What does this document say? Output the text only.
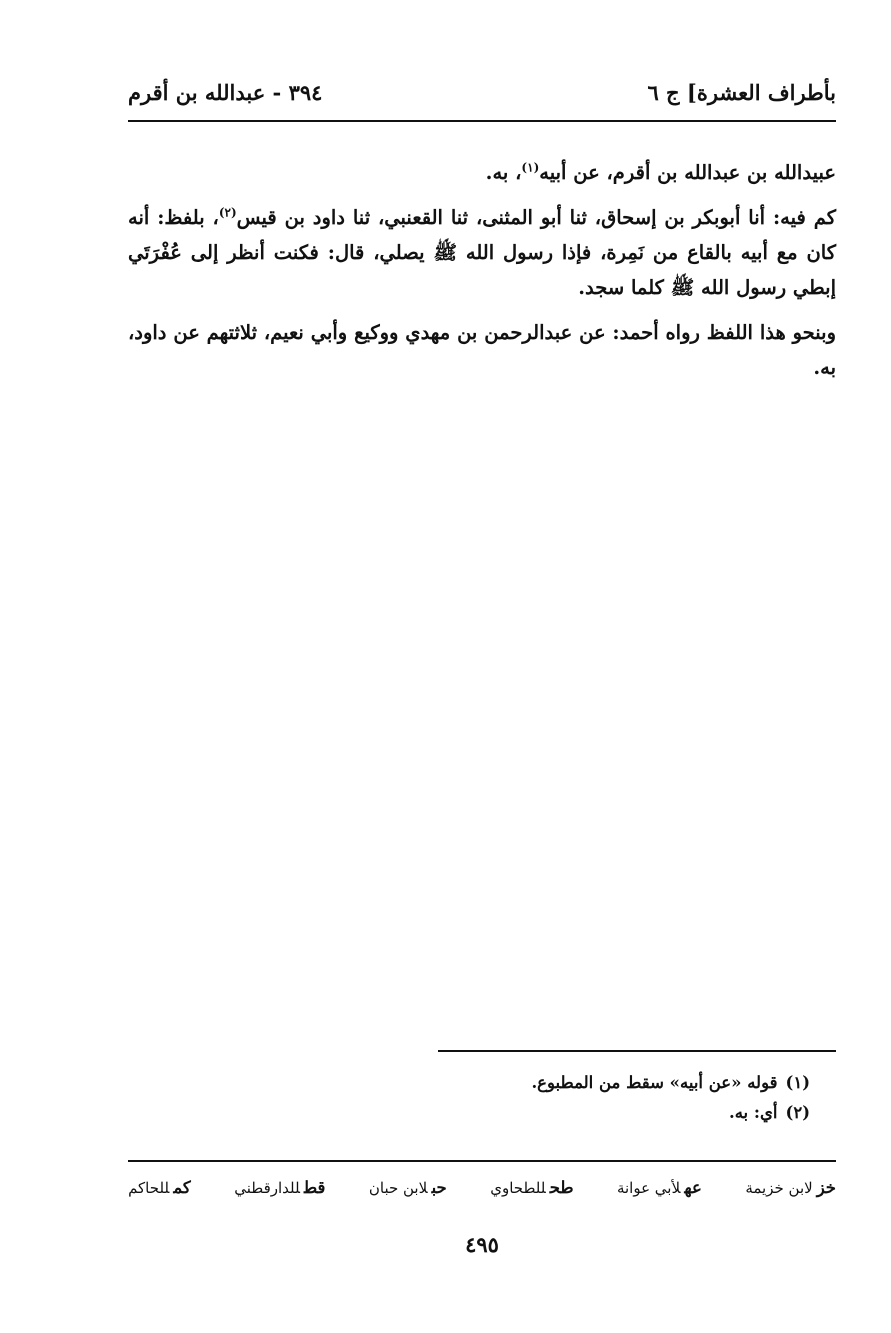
بأطراف العشرة] ج ٦
٣٩٤ - عبدالله بن أقرم

عبيدالله بن عبدالله بن أقرم، عن أبيه$^{(١)}$، به.

كم فيه: أنا أبوبكر بن إسحاق، ثنا أبو المثنى، ثنا القعنبي، ثنا داود بن قيس$^{(٢)}$، بلفظ: أنه كان مع أبيه بالقاع من نَمِرة، فإذا رسول الله ﷺ يصلي، قال: فكنت أنظر إلى عُفْرَتَي إبطي رسول الله ﷺ كلما سجد.

وبنحو هذا اللفظ رواه أحمد: عن عبدالرحمن بن مهدي ووكيع وأبي نعيم، ثلاثتهم عن داود، به.

(١)قوله «عن أبيه» سقط من المطبوع.
(٢)أي: به.
خزلابن خزيمة
عهلأبي عوانة
طحللطحاوي
حبلابن حبان
قطللدارقطني
كمللحاكم
٤٩٥
